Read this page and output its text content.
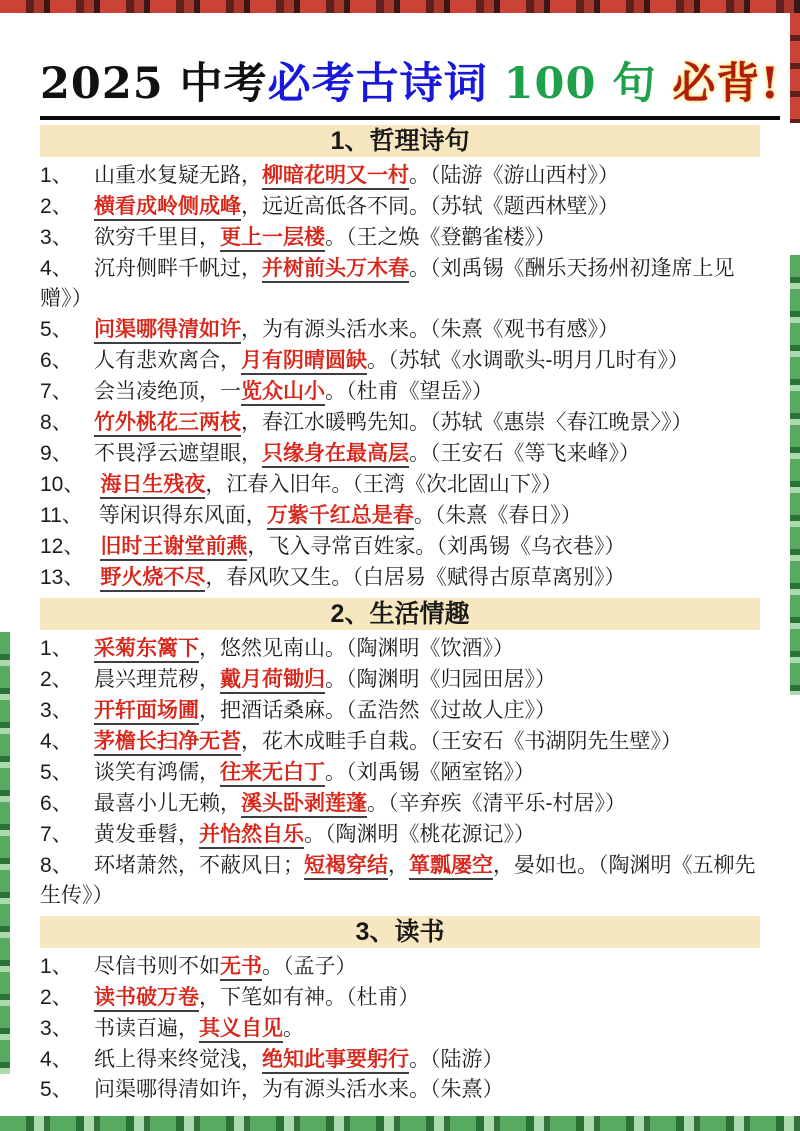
2025 中考必考古诗词 100 句 必背!
1、哲理诗句
1、 山重水复疑无路，柳暗花明又一村。（陆游《游山西村》）
2、 横看成岭侧成峰，远近高低各不同。（苏轼《题西林壁》）
3、 欲穷千里目，更上一层楼。（王之焕《登鹳雀楼》）
4、 沉舟侧畔千帆过，并树前头万木春。（刘禹锡《酬乐天扬州初逢席上见赠》）
5、 问渠哪得清如许，为有源头活水来。（朱熹《观书有感》）
6、 人有悲欢离合，月有阴晴圆缺。（苏轼《水调歌头-明月几时有》）
7、 会当凌绝顶，一览众山小。（杜甫《望岳》）
8、 竹外桃花三两枝，春江水暖鸭先知。（苏轼《惠崇〈春江晚景〉》）
9、 不畏浮云遮望眼，只缘身在最高层。（王安石《等飞来峰》）
10、 海日生残夜，江春入旧年。（王湾《次北固山下》）
11、 等闲识得东风面，万紫千红总是春。（朱熹《春日》）
12、 旧时王谢堂前燕，飞入寻常百姓家。（刘禹锡《乌衣巷》）
13、 野火烧不尽，春风吹又生。（白居易《赋得古原草离别》）
2、生活情趣
1、 采菊东篱下，悠然见南山。（陶渊明《饮酒》）
2、 晨兴理荒秽，戴月荷锄归。（陶渊明《归园田居》）
3、 开轩面场圃，把酒话桑麻。（孟浩然《过故人庄》）
4、 茅檐长扫净无苔，花木成畦手自栽。（王安石《书湖阴先生壁》）
5、 谈笑有鸿儒，往来无白丁。（刘禹锡《陋室铭》）
6、 最喜小儿无赖，溪头卧剥莲蓬。（辛弃疾《清平乐-村居》）
7、 黄发垂髫，并怡然自乐。（陶渊明《桃花源记》）
8、 环堵萧然，不蔽风日；短褐穿结，箪瓢屡空，晏如也。（陶渊明《五柳先生传》）
3、读书
1、 尽信书则不如无书。（孟子）
2、 读书破万卷，下笔如有神。（杜甫）
3、 书读百遍，其义自见。
4、 纸上得来终觉浅，绝知此事要躬行。（陆游）
5、 问渠哪得清如许，为有源头活水来。（朱熹）
